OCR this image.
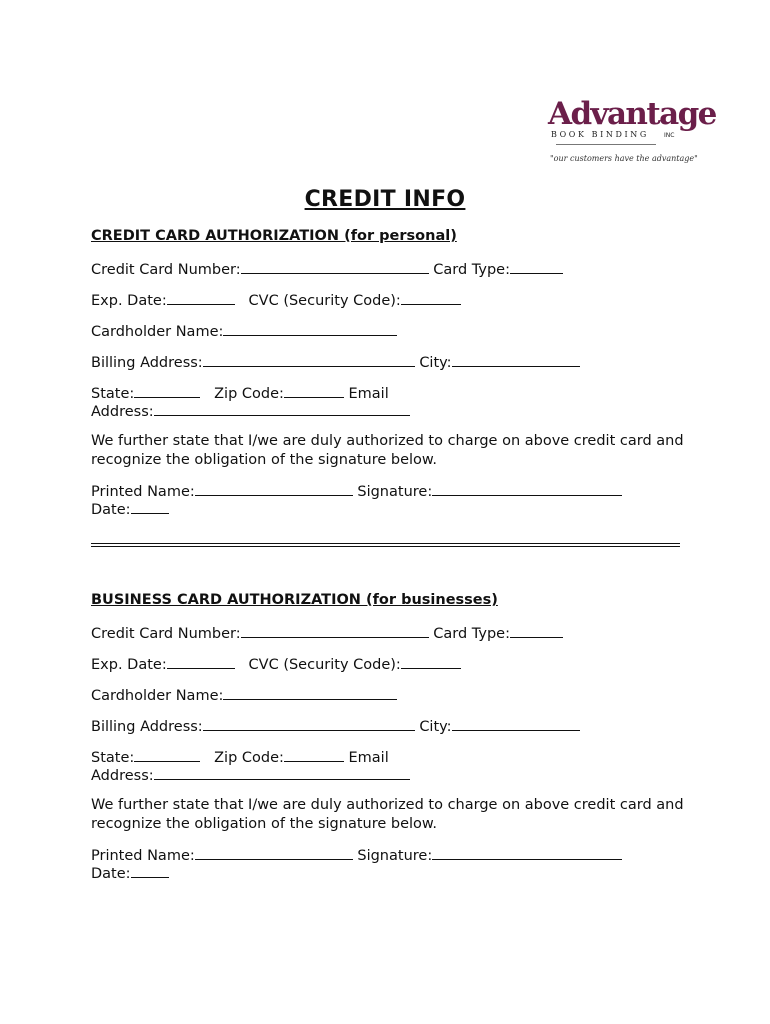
Advantage
BOOK BINDING	INC
"our customers have the advantage"
CREDIT INFO
CREDIT CARD AUTHORIZATION (for personal)
Credit Card Number:	Card Type:
Exp. Date:	CVC (Security Code):
Cardholder Name:
Billing Address:	City:
State:	Zip Code:	Email
Address:
We further state that I/we are duly authorized to charge on above credit card and recognize the obligation of the signature below.
Printed Name:	Signature:
Date:
BUSINESS CARD AUTHORIZATION (for businesses)
Credit Card Number:	Card Type:
Exp. Date:	CVC (Security Code):
Cardholder Name:
Billing Address:	City:
State:	Zip Code:	Email
Address:
We further state that I/we are duly authorized to charge on above credit card and recognize the obligation of the signature below.
Printed Name:	Signature:
Date:
